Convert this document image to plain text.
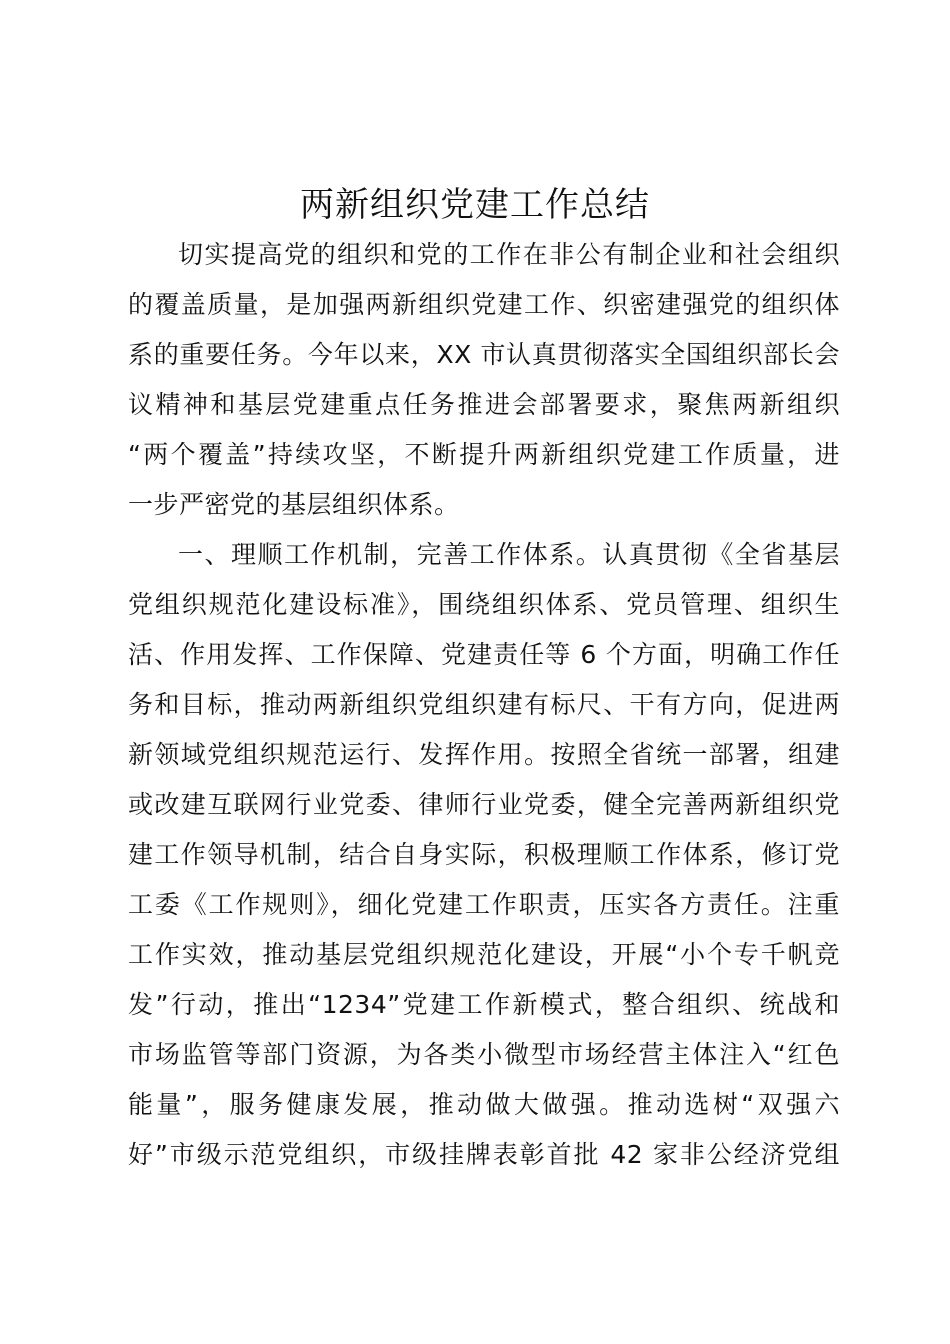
两新组织党建工作总结
切实提高党的组织和党的工作在非公有制企业和社会组织
的覆盖质量，是加强两新组织党建工作、织密建强党的组织体
系的重要任务。今年以来，XX 市认真贯彻落实全国组织部长会
议精神和基层党建重点任务推进会部署要求，聚焦两新组织
“两个覆盖”持续攻坚，不断提升两新组织党建工作质量，进
一步严密党的基层组织体系。
一、理顺工作机制，完善工作体系。认真贯彻《全省基层
党组织规范化建设标准》，围绕组织体系、党员管理、组织生
活、作用发挥、工作保障、党建责任等 6 个方面，明确工作任
务和目标，推动两新组织党组织建有标尺、干有方向，促进两
新领域党组织规范运行、发挥作用。按照全省统一部署，组建
或改建互联网行业党委、律师行业党委，健全完善两新组织党
建工作领导机制，结合自身实际，积极理顺工作体系，修订党
工委《工作规则》，细化党建工作职责，压实各方责任。注重
工作实效，推动基层党组织规范化建设，开展“小个专千帆竞
发”行动，推出“1234”党建工作新模式，整合组织、统战和
市场监管等部门资源，为各类小微型市场经营主体注入“红色
能量”，服务健康发展，推动做大做强。推动选树“双强六
好”市级示范党组织，市级挂牌表彰首批 42 家非公经济党组
